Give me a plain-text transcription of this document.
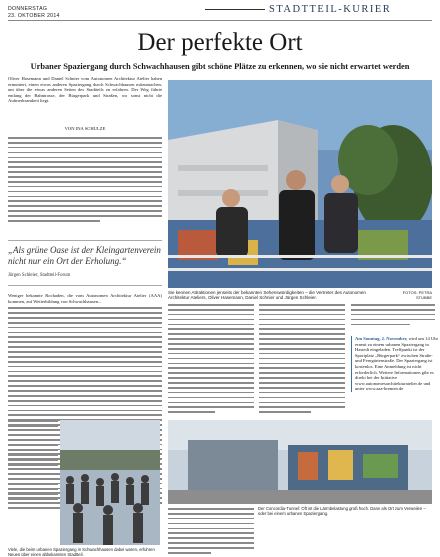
DONNERSTAG
23. OKTOBER 2014
STADTTEIL-KURIER
Der perfekte Ort
Urbaner Spaziergang durch Schwachhausen gibt schöne Plätze zu erkennen, wo sie nicht erwartet werden
Oliver Hasemann und Daniel Schnier vom Autonomen Architektur Atelier haben ermuntert, einen etwas anderen Spaziergang durch Schwachhausen mitzumachen, um über die etwas anderen Seiten des Stadtteils zu erfahren. Der Weg führte entlang der Bahntrasse, der Bürgerpark und Straßen, wo sonst nicht die Aufmerksamkeit liegt.
VON INA SCHULZE
„Als grüne Oase ist der Kleingartenverein nicht nur ein Ort der Erholung.“
Jürgen Schleier, Stadtteil-Forum
Weniger bekannte Rochaden, die vom Autonomen Architektur Atelier (AAA) kommen, auf Weiterbildung von Schwachhausen...
Sie kennen Attraktionen jenseits der bekannten Sehenswürdigkeiten – die Vertreter des Autonomen Architektur Ateliers, Oliver Hasemann, Daniel Schnier und Jürgen Schleier.
FOTOS: PETRA STUBBE
Am Sonntag, 2. November, wird um 14 Uhr erneut zu einem urbanen Spaziergang in Hastedt eingeladen. Treffpunkt ist der Sportplatz „Bürgerpark“ zwischen Straße- und Ferngärtenstraße. Der Spaziergang ist kostenlos. Eine Anmeldung ist nicht erforderlich. Weitere Informationen gibt es direkt bei der Initiative www.autonomesarchitekturatelier.de und unter www.aaa-bremen.de
Viele, die beim urbanen Spaziergang in Schwachhausen dabei waren, erfuhren Neues über einen altbekannten Stadtteil.
Der Concordia-Tunnel: Oft ist die Lärmbelastung groß hoch. Dann als Ort zum Verweilen – oder bei einem urbanen Spaziergang.
